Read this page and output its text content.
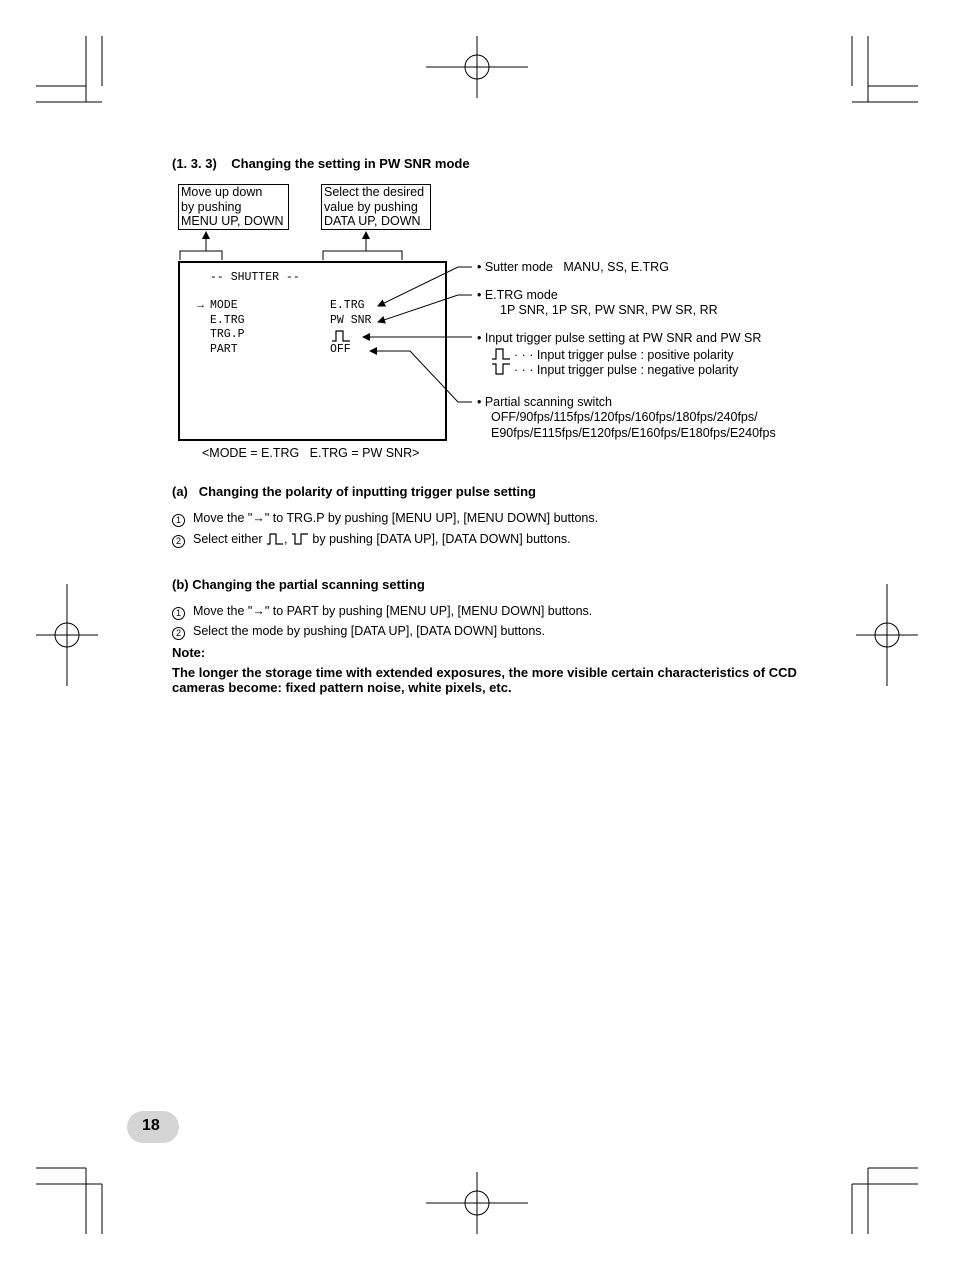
(1. 3. 3)    Changing the setting in PW SNR mode
Move up down
by pushing
MENU UP, DOWN
Select the desired
value by pushing
DATA UP, DOWN
-- SHUTTER --
→ MODE	E.TRG
E.TRG	PW SNR
TRG.P
PART	OFF
<MODE = E.TRG   E.TRG = PW SNR>
• Sutter mode   MANU, SS, E.TRG
• E.TRG mode
1P SNR, 1P SR, PW SNR, PW SR, RR
• Input trigger pulse setting at PW SNR and PW SR
· · · Input trigger pulse : positive polarity
· · · Input trigger pulse : negative polarity
• Partial scanning switch
OFF/90fps/115fps/120fps/160fps/180fps/240fps/
E90fps/E115fps/E120fps/E160fps/E180fps/E240fps
(a)   Changing the polarity of inputting trigger pulse setting
1 Move the "→" to TRG.P by pushing [MENU UP], [MENU DOWN] buttons.
2 Select either , by pushing [DATA UP], [DATA DOWN] buttons.
(b) Changing the partial scanning setting
1 Move the "→" to PART by pushing [MENU UP], [MENU DOWN] buttons.
2 Select the mode by pushing [DATA UP], [DATA DOWN] buttons.
Note:
The longer the storage time with extended exposures, the more visible certain characteristics of CCD
cameras become: fixed pattern noise, white pixels, etc.
18
